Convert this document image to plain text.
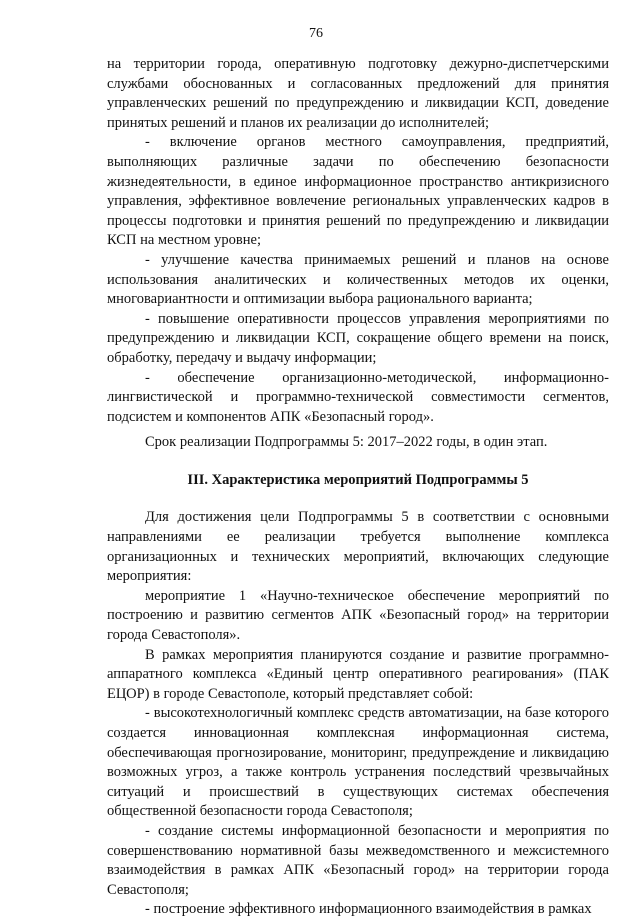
76

на территории города, оперативную подготовку дежурно-диспетчерскими службами обоснованных и согласованных предложений для принятия управленческих решений по предупреждению и ликвидации КСП, доведение принятых решений и планов их реализации до исполнителей;

- включение органов местного самоуправления, предприятий, выполняющих различные задачи по обеспечению безопасности жизнедеятельности, в единое информационное пространство антикризисного управления, эффективное вовлечение региональных управленческих кадров в процессы подготовки и принятия решений по предупреждению и ликвидации КСП на местном уровне;

- улучшение качества принимаемых решений и планов на основе использования аналитических и количественных методов их оценки, многовариантности и оптимизации выбора рационального варианта;

- повышение оперативности процессов управления мероприятиями по предупреждению и ликвидации КСП, сокращение общего времени на поиск, обработку, передачу и выдачу информации;

- обеспечение организационно-методической, информационно-лингвистической и программно-технической совместимости сегментов, подсистем и компонентов АПК «Безопасный город».

Срок реализации Подпрограммы 5: 2017–2022 годы, в один этап.

III. Характеристика мероприятий Подпрограммы 5

Для достижения цели Подпрограммы 5 в соответствии с основными направлениями ее реализации требуется выполнение комплекса организационных и технических мероприятий, включающих следующие мероприятия:

мероприятие 1 «Научно-техническое обеспечение мероприятий по построению и развитию сегментов АПК «Безопасный город» на территории города Севастополя».

В рамках мероприятия планируются создание и развитие программно-аппаратного комплекса «Единый центр оперативного реагирования» (ПАК ЕЦОР) в городе Севастополе, который представляет собой:

- высокотехнологичный комплекс средств автоматизации, на базе которого создается инновационная комплексная информационная система, обеспечивающая прогнозирование, мониторинг, предупреждение и ликвидацию возможных угроз, а также контроль устранения последствий чрезвычайных ситуаций и происшествий в существующих системах обеспечения общественной безопасности города Севастополя;

- создание системы информационной безопасности и мероприятия по совершенствованию нормативной базы межведомственного и межсистемного взаимодействия в рамках АПК «Безопасный город» на территории города Севастополя;

- построение эффективного информационного взаимодействия в рамках
